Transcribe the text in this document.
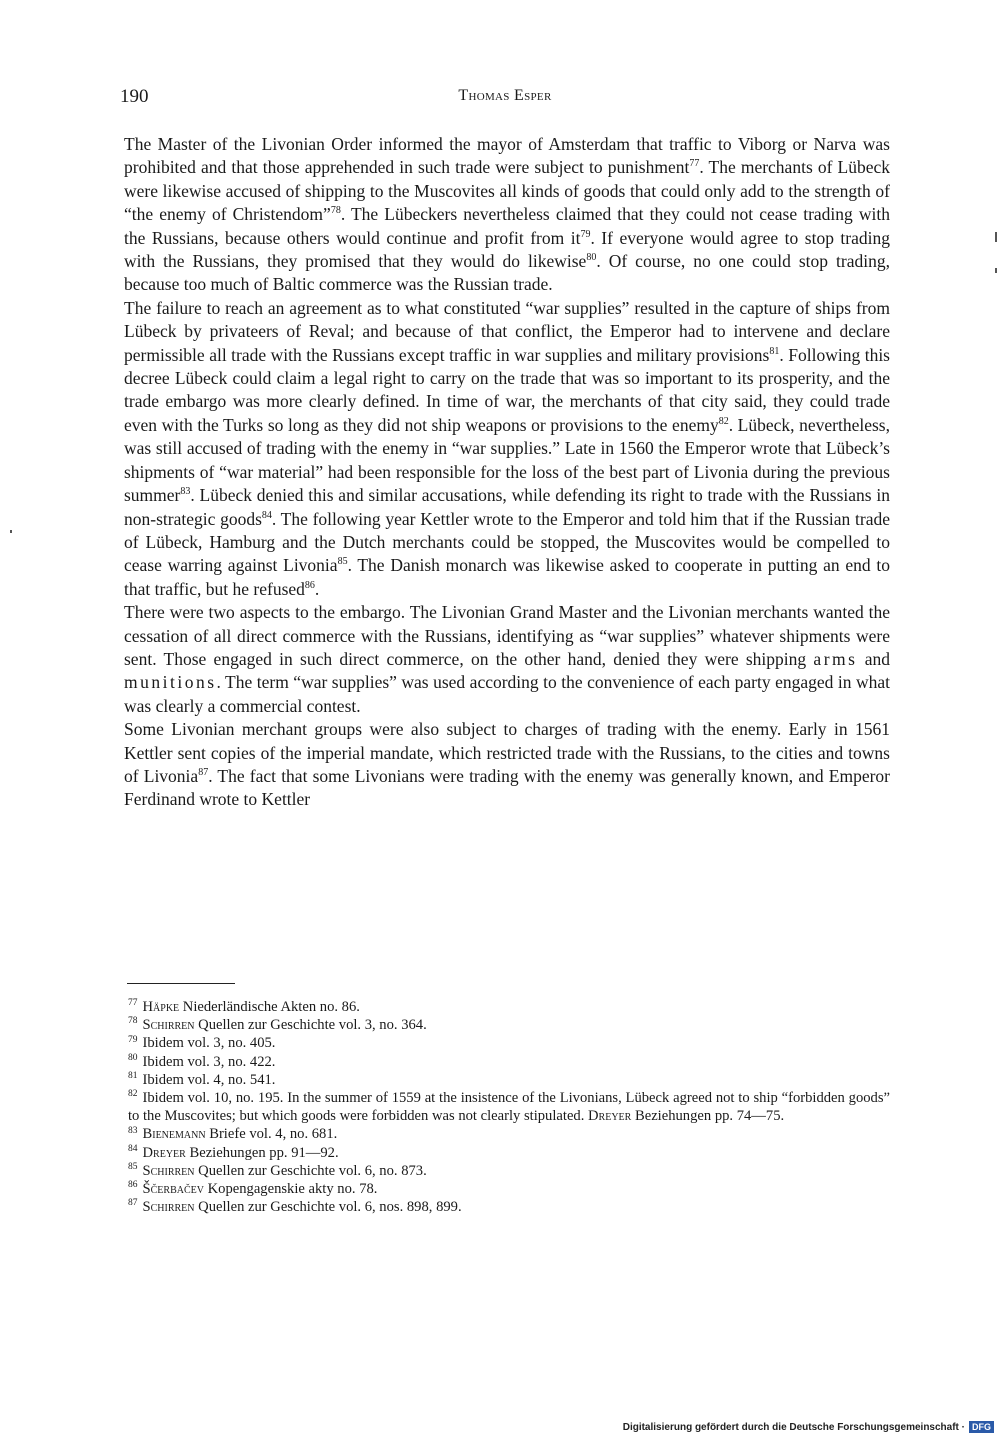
190	Thomas Esper

The Master of the Livonian Order informed the mayor of Amsterdam that traffic to Viborg or Narva was prohibited and that those apprehended in such trade were subject to punishment$^{77}$. The merchants of Lübeck were likewise accused of shipping to the Muscovites all kinds of goods that could only add to the strength of “the enemy of Christendom”$^{78}$. The Lübeckers nevertheless claimed that they could not cease trading with the Russians, because others would continue and profit from $it^{79}$. If everyone would agree to stop trading with the Russians, they promised that they would do likewise$^{80}$. Of course, no one could stop trading, because too much of Baltic commerce was the Russian trade.

The failure to reach an agreement as to what constituted “war supplies” resulted in the capture of ships from Lübeck by privateers of Reval; and because of that conflict, the Emperor had to intervene and declare permissible all trade with the Russians except traffic in war supplies and military provisions$^{81}$. Following this decree Lübeck could claim a legal right to carry on the trade that was so important to its prosperity, and the trade embargo was more clearly defined. In time of war, the merchants of that city said, they could trade even with the Turks so long as they did not ship weapons or provisions to the enemy$^{82}$. Lübeck, nevertheless, was still accused of trading with the enemy in “war supplies.” Late in 1560 the Emperor wrote that Lübeck’s shipments of “war material” had been responsible for the loss of the best part of Livonia during the previous summer$^{83}$. Lübeck denied this and similar accusations, while defending its right to trade with the Russians in non-strategic goods$^{84}$. The following year Kettler wrote to the Emperor and told him that if the Russian trade of Lübeck, Hamburg and the Dutch merchants could be stopped, the Muscovites would be compelled to cease warring against Livonia$^{85}$. The Danish monarch was likewise asked to cooperate in putting an end to that traffic, but he refused$^{86}$.

There were two aspects to the embargo. The Livonian Grand Master and the Livonian merchants wanted the cessation of all direct commerce with the Russians, identifying as “war supplies” whatever shipments were sent. Those engaged in such direct commerce, on the other hand, denied they were shipping arms and munitions. The term “war supplies” was used according to the convenience of each party engaged in what was clearly a commercial contest.

Some Livonian merchant groups were also subject to charges of trading with the enemy. Early in 1561 Kettler sent copies of the imperial mandate, which restricted trade with the Russians, to the cities and towns of Livonia$^{87}$. The fact that some Livonians were trading with the enemy was generally known, and Emperor Ferdinand wrote to Kettler

$^{77}$ Häpke Niederländische Akten no. 86.

$^{78}$ Schirren Quellen zur Geschichte vol. 3, no. 364.

$^{79}$ Ibidem vol. 3, no. 405.

$^{80}$ Ibidem vol. 3, no. 422.

$^{81}$ Ibidem vol. 4, no. 541.

$^{82}$ Ibidem vol. 10, no. 195. In the summer of 1559 at the insistence of the Livonians, Lübeck agreed not to ship “forbidden goods” to the Muscovites; but which goods were forbidden was not clearly stipulated. Dreyer Beziehungen pp. 74—75.

$^{83}$ Bienemann Briefe vol. 4, no. 681.

$^{84}$ Dreyer Beziehungen pp. 91—92.

$^{85}$ Schirren Quellen zur Geschichte vol. 6, no. 873.

$^{86}$ Ščerbačev Kopengagenskie akty no. 78.

$^{87}$ Schirren Quellen zur Geschichte vol. 6, nos. 898, 899.

Digitalisierung gefördert durch die Deutsche Forschungsgemeinschaft · DFG
